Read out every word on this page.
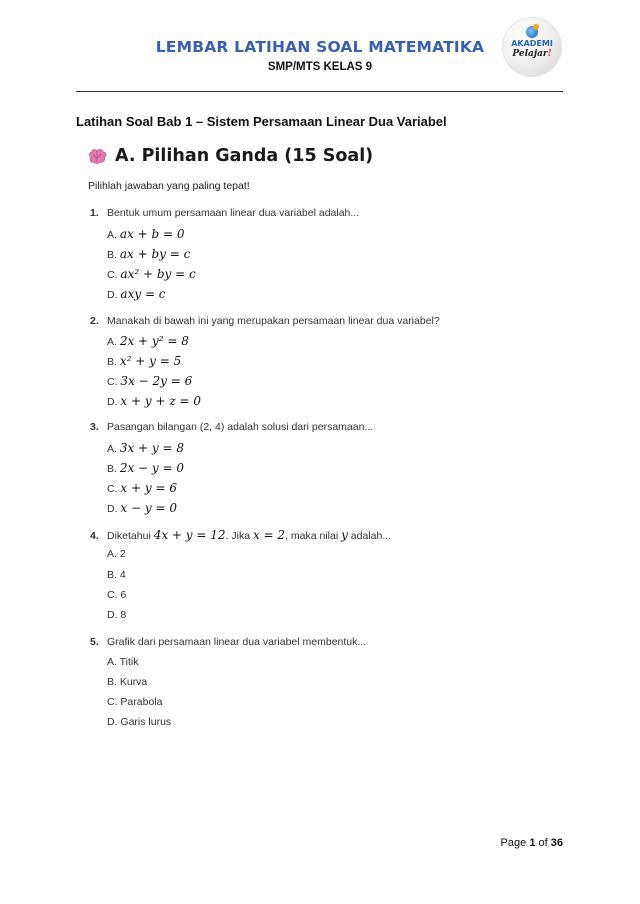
LEMBAR LATIHAN SOAL MATEMATIKA
SMP/MTS KELAS 9
AKADEMI
Pelajar!
Latihan Soal Bab 1 – Sistem Persamaan Linear Dua Variabel
A. Pilihan Ganda (15 Soal)
Pilihlah jawaban yang paling tepat!
1. Bentuk umum persamaan linear dua variabel adalah...
A. ax + b = 0
B. ax + by = c
C. ax² + by = c
D. axy = c
2. Manakah di bawah ini yang merupakan persamaan linear dua variabel?
A. 2x + y² = 8
B. x² + y = 5
C. 3x − 2y = 6
D. x + y + z = 0
3. Pasangan bilangan (2, 4) adalah solusi dari persamaan...
A. 3x + y = 8
B. 2x − y = 0
C. x + y = 6
D. x − y = 0
4. Diketahui 4x + y = 12. Jika x = 2, maka nilai y adalah...
A. 2
B. 4
C. 6
D. 8
5. Grafik dari persamaan linear dua variabel membentuk...
A. Titik
B. Kurva
C. Parabola
D. Garis lurus
Page 1 of 36
